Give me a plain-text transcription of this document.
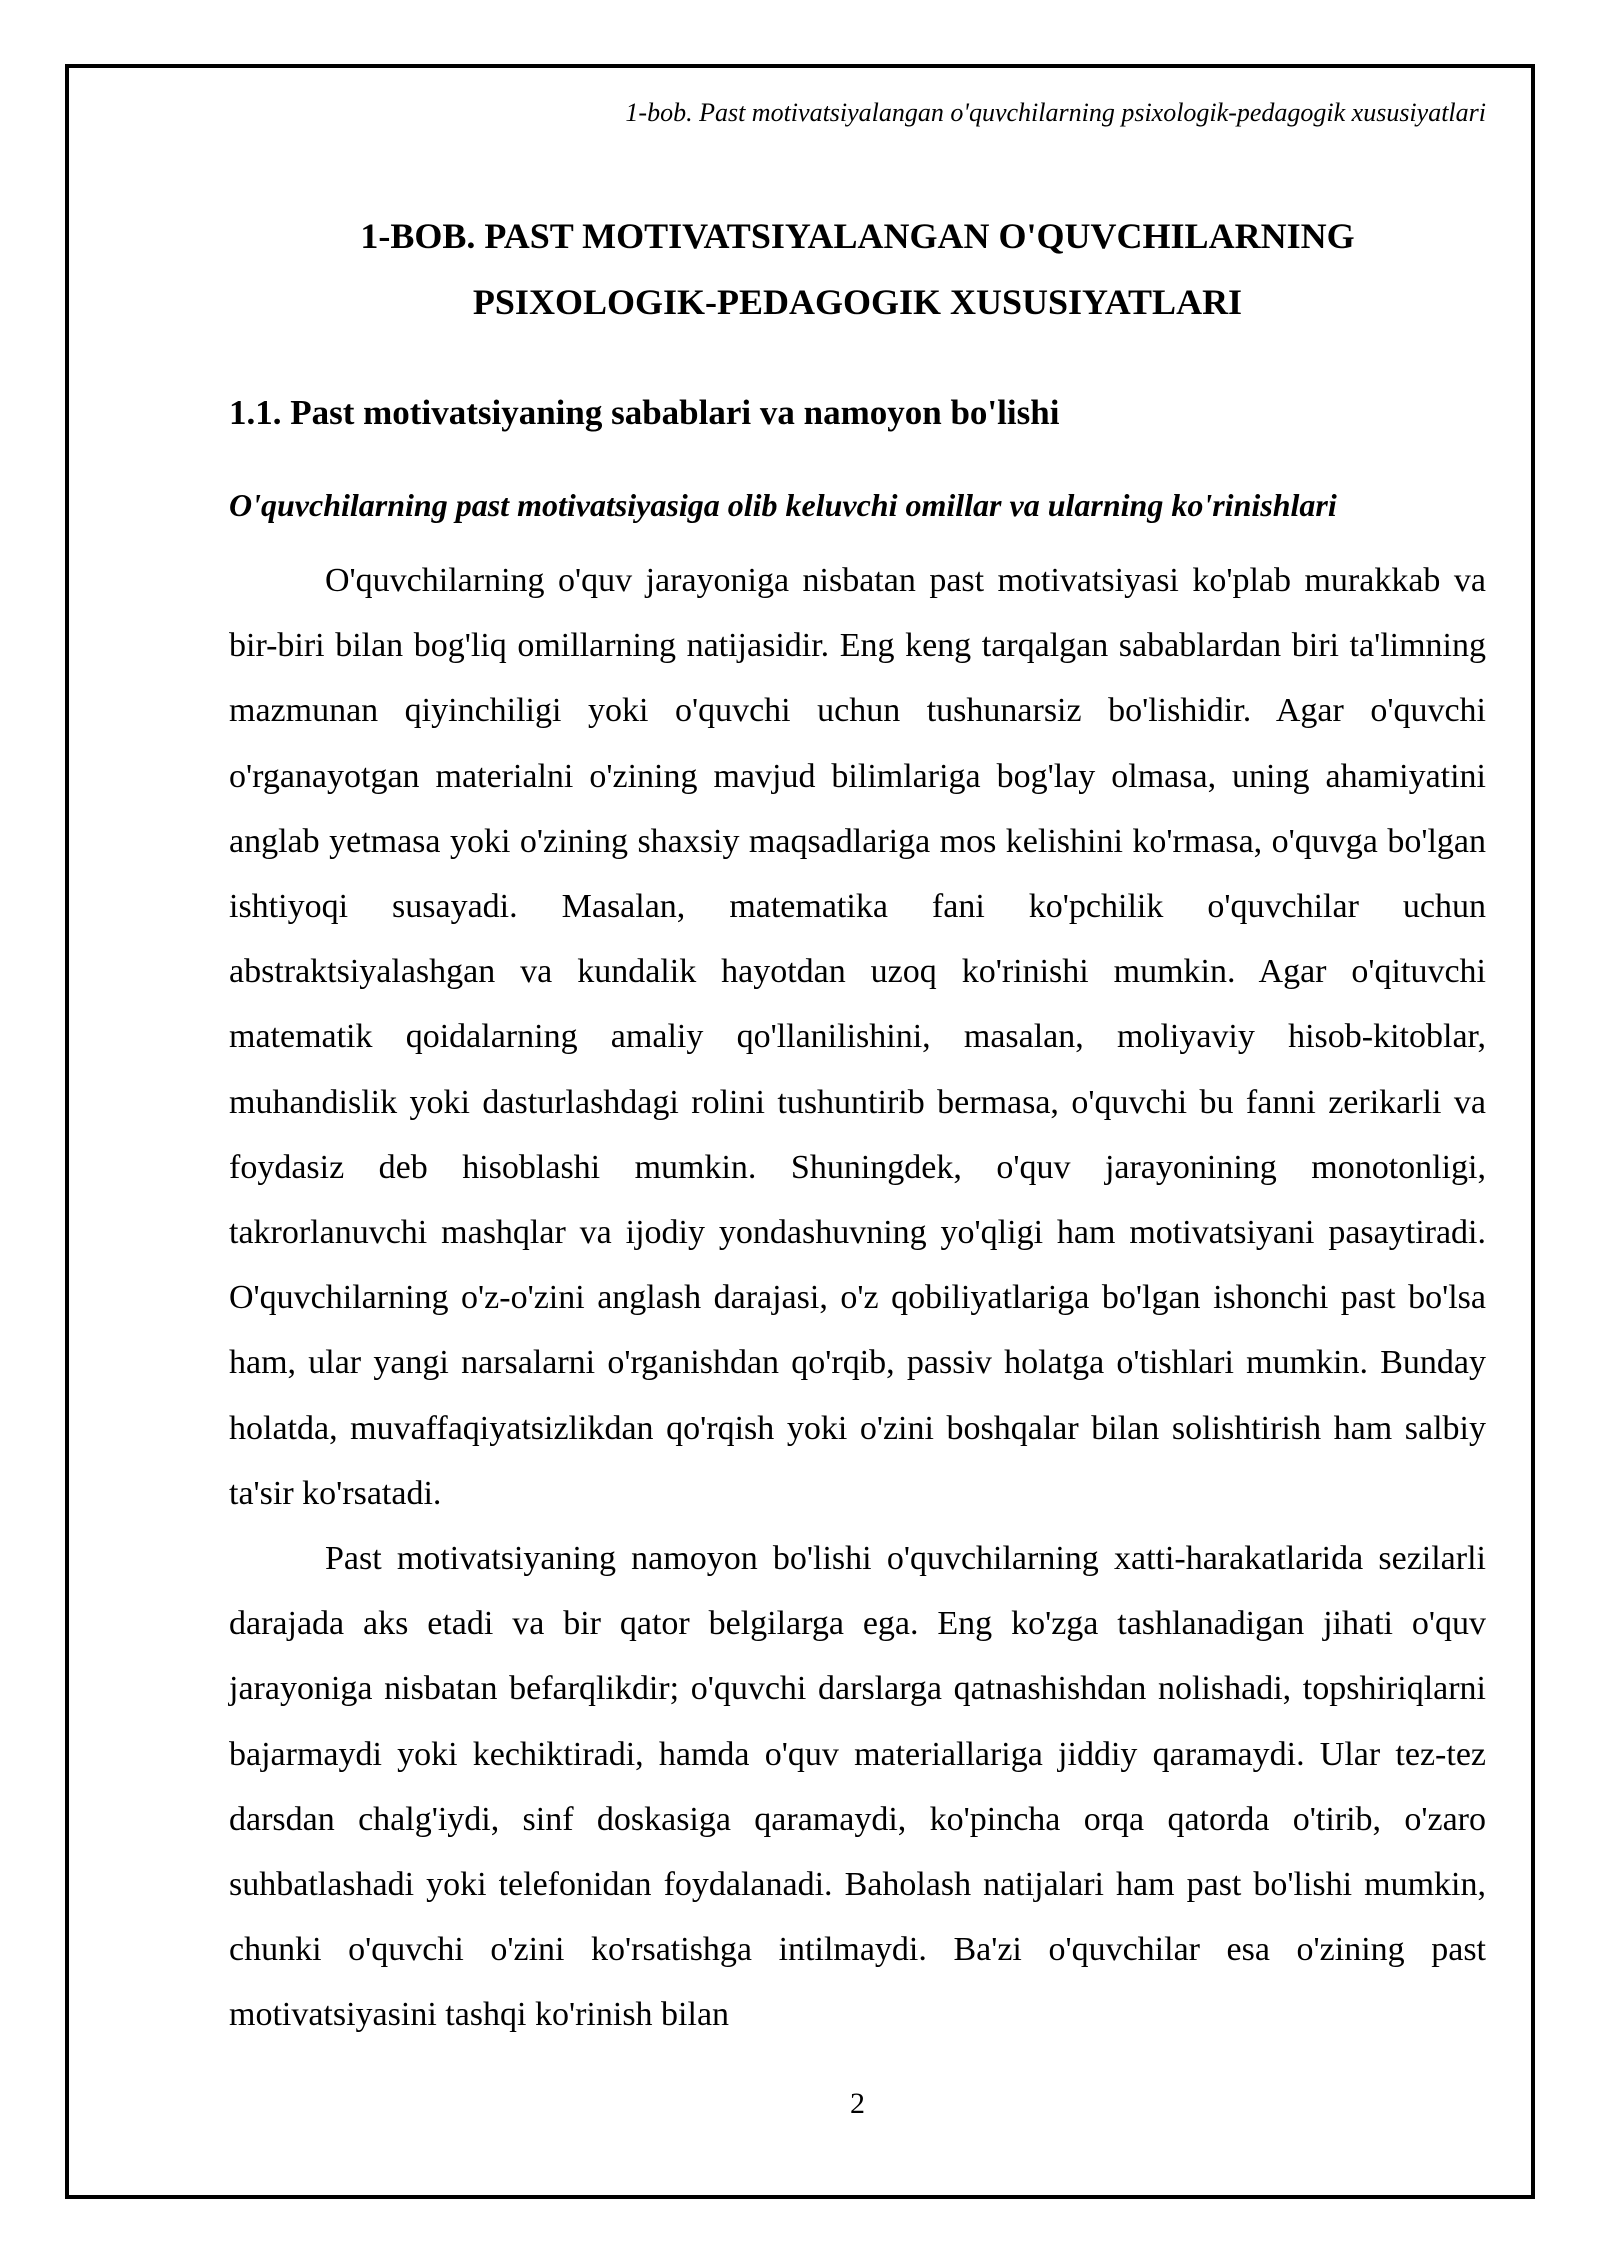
1-bob. Past motivatsiyalangan o'quvchilarning psixologik-pedagogik xususiyatlari
1-BOB. PAST MOTIVATSIYALANGAN O'QUVCHILARNING
PSIXOLOGIK-PEDAGOGIK XUSUSIYATLARI
1.1. Past motivatsiyaning sabablari va namoyon bo'lishi
O'quvchilarning past motivatsiyasiga olib keluvchi omillar va ularning ko'rinishlari

O'quvchilarning o'quv jarayoniga nisbatan past motivatsiyasi ko'plab murakkab va bir-biri bilan bog'liq omillarning natijasidir. Eng keng tarqalgan sabablardan biri ta'limning mazmunan qiyinchiligi yoki o'quvchi uchun tushunarsiz bo'lishidir. Agar o'quvchi o'rganayotgan materialni o'zining mavjud bilimlariga bog'lay olmasa, uning ahamiyatini anglab yetmasa yoki o'zining shaxsiy maqsadlariga mos kelishini ko'rmasa, o'quvga bo'lgan ishtiyoqi susayadi. Masalan, matematika fani ko'pchilik o'quvchilar uchun abstraktsiyalashgan va kundalik hayotdan uzoq ko'rinishi mumkin. Agar o'qituvchi matematik qoidalarning amaliy qo'llanilishini, masalan, moliyaviy hisob-kitoblar, muhandislik yoki dasturlashdagi rolini tushuntirib bermasa, o'quvchi bu fanni zerikarli va foydasiz deb hisoblashi mumkin. Shuningdek, o'quv jarayonining monotonligi, takrorlanuvchi mashqlar va ijodiy yondashuvning yo'qligi ham motivatsiyani pasaytiradi. O'quvchilarning o'z-o'zini anglash darajasi, o'z qobiliyatlariga bo'lgan ishonchi past bo'lsa ham, ular yangi narsalarni o'rganishdan qo'rqib, passiv holatga o'tishlari mumkin. Bunday holatda, muvaffaqiyatsizlikdan qo'rqish yoki o'zini boshqalar bilan solishtirish ham salbiy ta'sir ko'rsatadi.

Past motivatsiyaning namoyon bo'lishi o'quvchilarning xatti-harakatlarida sezilarli darajada aks etadi va bir qator belgilarga ega. Eng ko'zga tashlanadigan jihati o'quv jarayoniga nisbatan befarqlikdir; o'quvchi darslarga qatnashishdan nolishadi, topshiriqlarni bajarmaydi yoki kechiktiradi, hamda o'quv materiallariga jiddiy qaramaydi. Ular tez-tez darsdan chalg'iydi, sinf doskasiga qaramaydi, ko'pincha orqa qatorda o'tirib, o'zaro suhbatlashadi yoki telefonidan foydalanadi. Baholash natijalari ham past bo'lishi mumkin, chunki o'quvchi o'zini ko'rsatishga intilmaydi. Ba'zi o'quvchilar esa o'zining past motivatsiyasini tashqi ko'rinish bilan

2
